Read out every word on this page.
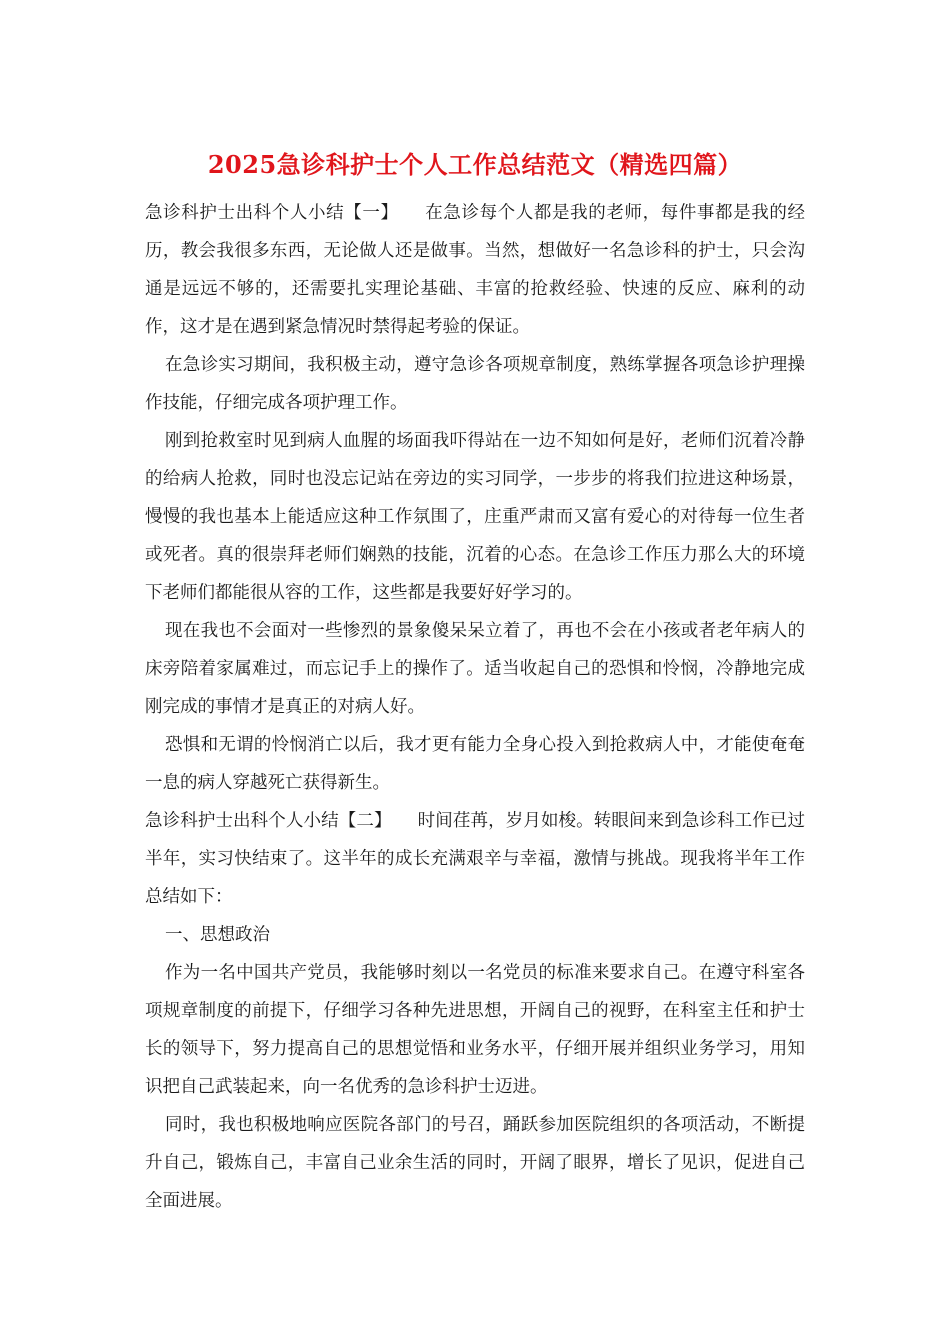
2025急诊科护士个人工作总结范文（精选四篇）

急诊科护士出科个人小结【一】 在急诊每个人都是我的老师，每件事都是我的经历，教会我很多东西，无论做人还是做事。当然，想做好一名急诊科的护士，只会沟通是远远不够的，还需要扎实理论基础、丰富的抢救经验、快速的反应、麻利的动作，这才是在遇到紧急情况时禁得起考验的保证。

在急诊实习期间，我积极主动，遵守急诊各项规章制度，熟练掌握各项急诊护理操作技能，仔细完成各项护理工作。

刚到抢救室时见到病人血腥的场面我吓得站在一边不知如何是好，老师们沉着冷静的给病人抢救，同时也没忘记站在旁边的实习同学，一步步的将我们拉进这种场景，慢慢的我也基本上能适应这种工作氛围了，庄重严肃而又富有爱心的对待每一位生者或死者。真的很崇拜老师们娴熟的技能，沉着的心态。在急诊工作压力那么大的环境下老师们都能很从容的工作，这些都是我要好好学习的。

现在我也不会面对一些惨烈的景象傻呆呆立着了，再也不会在小孩或者老年病人的床旁陪着家属难过，而忘记手上的操作了。适当收起自己的恐惧和怜悯，冷静地完成刚完成的事情才是真正的对病人好。

恐惧和无谓的怜悯消亡以后，我才更有能力全身心投入到抢救病人中，才能使奄奄一息的病人穿越死亡获得新生。

急诊科护士出科个人小结【二】 时间荏苒，岁月如梭。转眼间来到急诊科工作已过半年，实习快结束了。这半年的成长充满艰辛与幸福，激情与挑战。现我将半年工作总结如下：

一、思想政治

作为一名中国共产党员，我能够时刻以一名党员的标准来要求自己。在遵守科室各项规章制度的前提下，仔细学习各种先进思想，开阔自己的视野，在科室主任和护士长的领导下，努力提高自己的思想觉悟和业务水平，仔细开展并组织业务学习，用知识把自己武装起来，向一名优秀的急诊科护士迈进。

同时，我也积极地响应医院各部门的号召，踊跃参加医院组织的各项活动，不断提升自己，锻炼自己，丰富自己业余生活的同时，开阔了眼界，增长了见识，促进自己全面进展。
